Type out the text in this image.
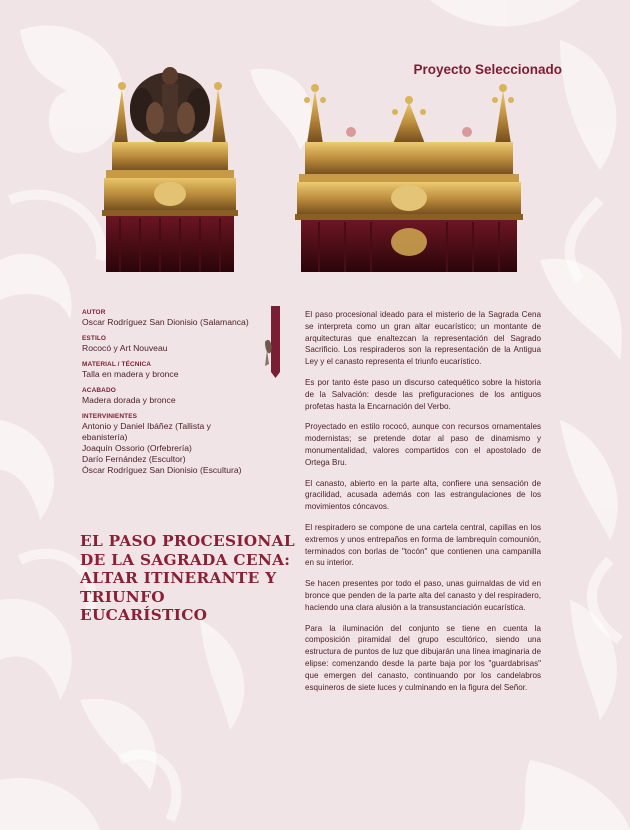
Proyecto Seleccionado
AUTOR
Oscar Rodríguez San Dionisio (Salamanca)
ESTILO
Rococó y Art Nouveau
MATERIAL / TÉCNICA
Talla en madera y bronce
ACABADO
Madera dorada y bronce
INTERVINIENTES
Antonio y Daniel Ibáñez (Tallista y
ebanistería)
Joaquín Ossorio (Orfebrería)
Darío Fernández (Escultor)
Óscar Rodríguez San Dionisio (Escultura)
EL PASO PROCESIONAL
DE LA SAGRADA CENA:
ALTAR ITINERANTE Y
TRIUNFO EUCARÍSTICO

El paso procesional ideado para el misterio de la Sagrada Cena se interpreta como un gran altar eucarístico; un montante de arquitecturas que enaltezcan la representación del Sagrado Sacrificio. Los respiraderos son la representación de la Antigua Ley y el canasto representa el triunfo eucarístico.

Es por tanto éste paso un discurso catequético sobre la historia de la Salvación: desde las prefiguraciones de los antiguos profetas hasta la Encarnación del Verbo.

Proyectado en estilo rococó, aunque con recursos ornamentales modernistas; se pretende dotar al paso de dinamismo y monumentalidad, valores compartidos con el apostolado de Ortega Bru.

El canasto, abierto en la parte alta, confiere una sensación de gracilidad, acusada además con las estrangulaciones de los movimientos cóncavos.

El respiradero se compone de una cartela central, capillas en los extremos y unos entrepaños en forma de lambrequín comounión, terminados con borlas de "tocón" que contienen una campanilla en su interior.

Se hacen presentes por todo el paso, unas guirnaldas de vid en bronce que penden de la parte alta del canasto y del respiradero, haciendo una clara alusión a la transustanciación eucarística.

Para la iluminación del conjunto se tiene en cuenta la composición piramidal del grupo escultórico, siendo una estructura de puntos de luz que dibujarán una línea imaginaria de elipse: comenzando desde la parte baja por los "guardabrisas" que emergen del canasto, continuando por los candelabros esquineros de siete luces y culminando en la figura del Señor.
